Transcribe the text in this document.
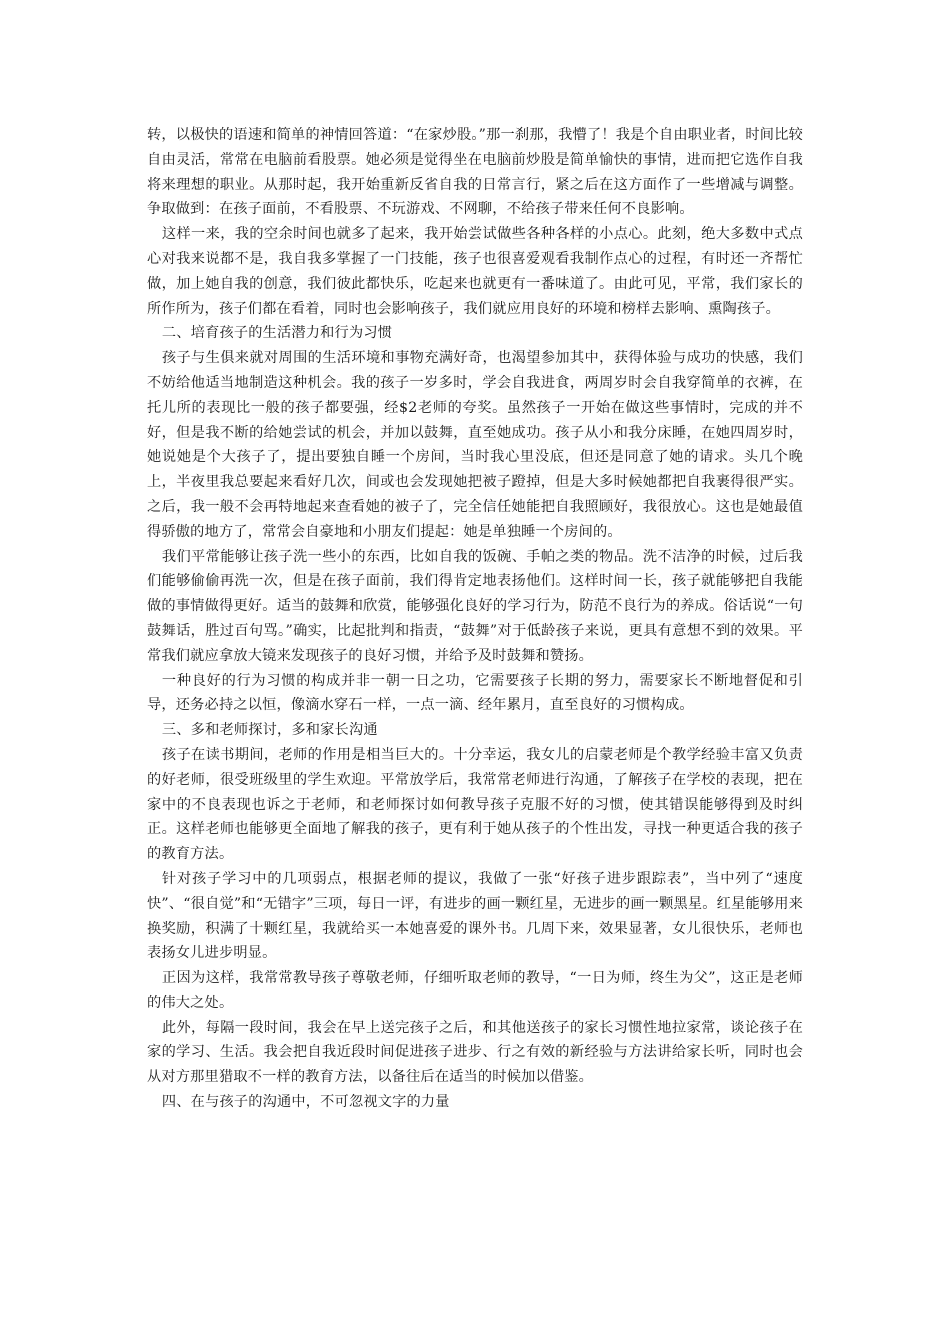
转，以极快的语速和简单的神情回答道：“在家炒股。”那一刹那，我懵了！我是个自由职业者，时间比较自由灵活，常常在电脑前看股票。她必须是觉得坐在电脑前炒股是简单愉快的事情，进而把它选作自我将来理想的职业。从那时起，我开始重新反省自我的日常言行，紧之后在这方面作了一些增减与调整。争取做到：在孩子面前，不看股票、不玩游戏、不网聊，不给孩子带来任何不良影响。

这样一来，我的空余时间也就多了起来，我开始尝试做些各种各样的小点心。此刻，绝大多数中式点心对我来说都不是，我自我多掌握了一门技能，孩子也很喜爱观看我制作点心的过程，有时还一齐帮忙做，加上她自我的创意，我们彼此都快乐，吃起来也就更有一番味道了。由此可见，平常，我们家长的所作所为，孩子们都在看着，同时也会影响孩子，我们就应用良好的环境和榜样去影响、熏陶孩子。

二、培育孩子的生活潜力和行为习惯

孩子与生俱来就对周围的生活环境和事物充满好奇，也渴望参加其中，获得体验与成功的快感，我们不妨给他适当地制造这种机会。我的孩子一岁多时，学会自我进食，两周岁时会自我穿简单的衣裤，在托儿所的表现比一般的孩子都要强，经$2老师的夸奖。虽然孩子一开始在做这些事情时，完成的并不好，但是我不断的给她尝试的机会，并加以鼓舞，直至她成功。孩子从小和我分床睡，在她四周岁时，她说她是个大孩子了，提出要独自睡一个房间，当时我心里没底，但还是同意了她的请求。头几个晚上，半夜里我总要起来看好几次，间或也会发现她把被子蹬掉，但是大多时候她都把自我裹得很严实。之后，我一般不会再特地起来查看她的被子了，完全信任她能把自我照顾好，我很放心。这也是她最值得骄傲的地方了，常常会自豪地和小朋友们提起：她是单独睡一个房间的。

我们平常能够让孩子洗一些小的东西，比如自我的饭碗、手帕之类的物品。洗不洁净的时候，过后我们能够偷偷再洗一次，但是在孩子面前，我们得肯定地表扬他们。这样时间一长，孩子就能够把自我能做的事情做得更好。适当的鼓舞和欣赏，能够强化良好的学习行为，防范不良行为的养成。俗话说“一句鼓舞话，胜过百句骂。”确实，比起批判和指责，“鼓舞”对于低龄孩子来说，更具有意想不到的效果。平常我们就应拿放大镜来发现孩子的良好习惯，并给予及时鼓舞和赞扬。

一种良好的行为习惯的构成并非一朝一日之功，它需要孩子长期的努力，需要家长不断地督促和引导，还务必持之以恒，像滴水穿石一样，一点一滴、经年累月，直至良好的习惯构成。

三、多和老师探讨，多和家长沟通

孩子在读书期间，老师的作用是相当巨大的。十分幸运，我女儿的启蒙老师是个教学经验丰富又负责的好老师，很受班级里的学生欢迎。平常放学后，我常常老师进行沟通，了解孩子在学校的表现，把在家中的不良表现也诉之于老师，和老师探讨如何教导孩子克服不好的习惯，使其错误能够得到及时纠正。这样老师也能够更全面地了解我的孩子，更有利于她从孩子的个性出发，寻找一种更适合我的孩子的教育方法。

针对孩子学习中的几项弱点，根据老师的提议，我做了一张“好孩子进步跟踪表”，当中列了“速度快”、“很自觉”和“无错字”三项，每日一评，有进步的画一颗红星，无进步的画一颗黑星。红星能够用来换奖励，积满了十颗红星，我就给买一本她喜爱的课外书。几周下来，效果显著，女儿很快乐，老师也表扬女儿进步明显。

正因为这样，我常常教导孩子尊敬老师，仔细听取老师的教导，“一日为师，终生为父”，这正是老师的伟大之处。

此外，每隔一段时间，我会在早上送完孩子之后，和其他送孩子的家长习惯性地拉家常，谈论孩子在家的学习、生活。我会把自我近段时间促进孩子进步、行之有效的新经验与方法讲给家长听，同时也会从对方那里猎取不一样的教育方法，以备往后在适当的时候加以借鉴。

四、在与孩子的沟通中，不可忽视文字的力量
